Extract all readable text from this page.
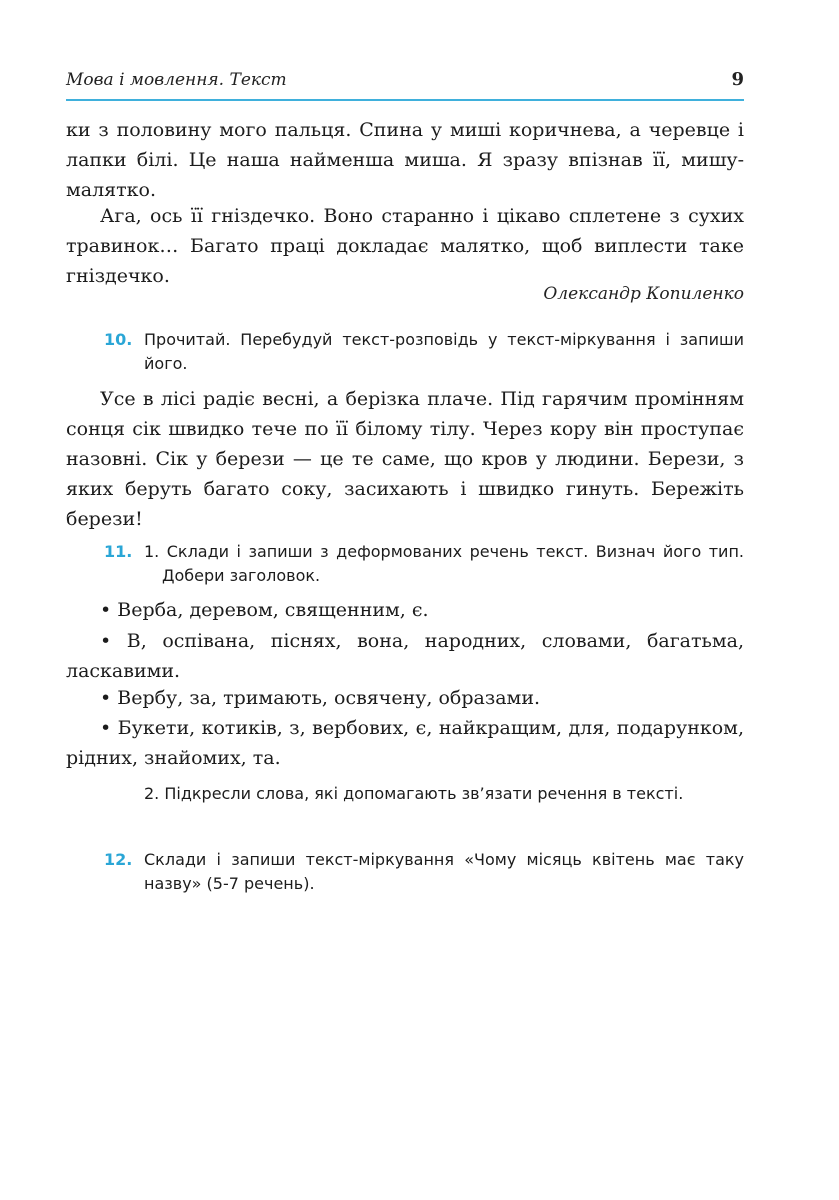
Мова і мовлення. Текст	9
ки з половину мого пальця. Спина у миші коричнева, а черевце і лапки білі. Це наша найменша миша. Я зразу впізнав її, мишу-малятко.
Ага, ось її гніздечко. Воно старанно і цікаво сплетене з сухих травинок… Багато праці докладає малятко, щоб виплести таке гніздечко.
Олександр Копиленко
10. Прочитай. Перебудуй текст-розповідь у текст-міркування і запиши його.
Усе в лісі радіє весні, а берізка плаче. Під гарячим промінням сонця сік швидко тече по її білому тілу. Через кору він проступає назовні. Сік у берези — це те саме, що кров у людини. Берези, з яких беруть багато соку, засихають і швидко гинуть. Бережіть берези!
11. 1. Склади і запиши з деформованих речень текст. Визнач його тип. Добери заголовок.
• Верба, деревом, священним, є.
• В, оспівана, піснях, вона, народних, словами, багатьма, ласкавими.
• Вербу, за, тримають, освячену, образами.
• Букети, котиків, з, вербових, є, найкращим, для, подарунком, рідних, знайомих, та.
2. Підкресли слова, які допомагають зв’язати речення в тексті.
12. Склади і запиши текст-міркування «Чому місяць квітень має таку назву» (5-7 речень).
